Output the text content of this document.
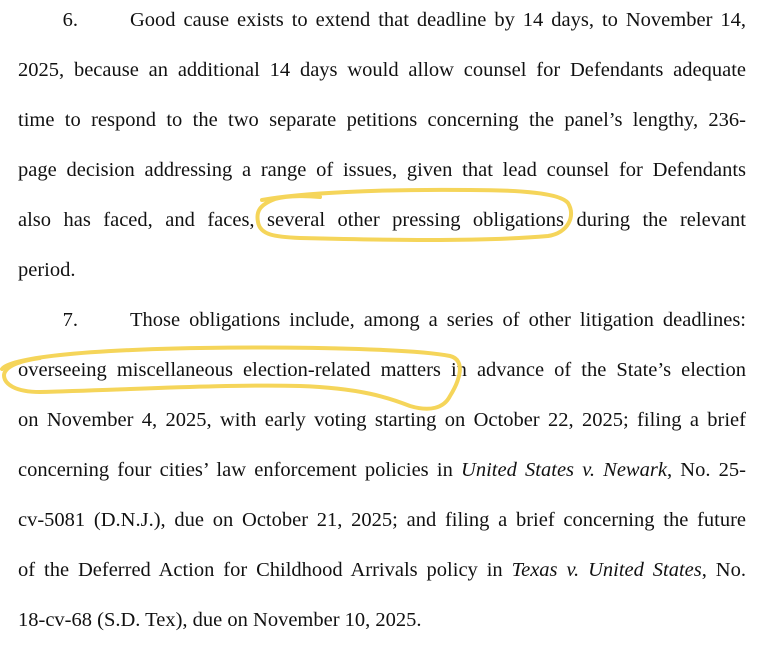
6.	Good cause exists to extend that deadline by 14 days, to November 14,
2025, because an additional 14 days would allow counsel for Defendants adequate
time to respond to the two separate petitions concerning the panel’s lengthy, 236-
page decision addressing a range of issues, given that lead counsel for Defendants
also has faced, and faces, several other pressing obligations during the relevant
period.
7.	Those obligations include, among a series of other litigation deadlines:
overseeing miscellaneous election-related matters in advance of the State’s election
on November 4, 2025, with early voting starting on October 22, 2025; filing a brief
concerning four cities’ law enforcement policies in United States v. Newark, No. 25-
cv-5081 (D.N.J.), due on October 21, 2025; and filing a brief concerning the future
of the Deferred Action for Childhood Arrivals policy in Texas v. United States, No.
18-cv-68 (S.D. Tex), due on November 10, 2025.
